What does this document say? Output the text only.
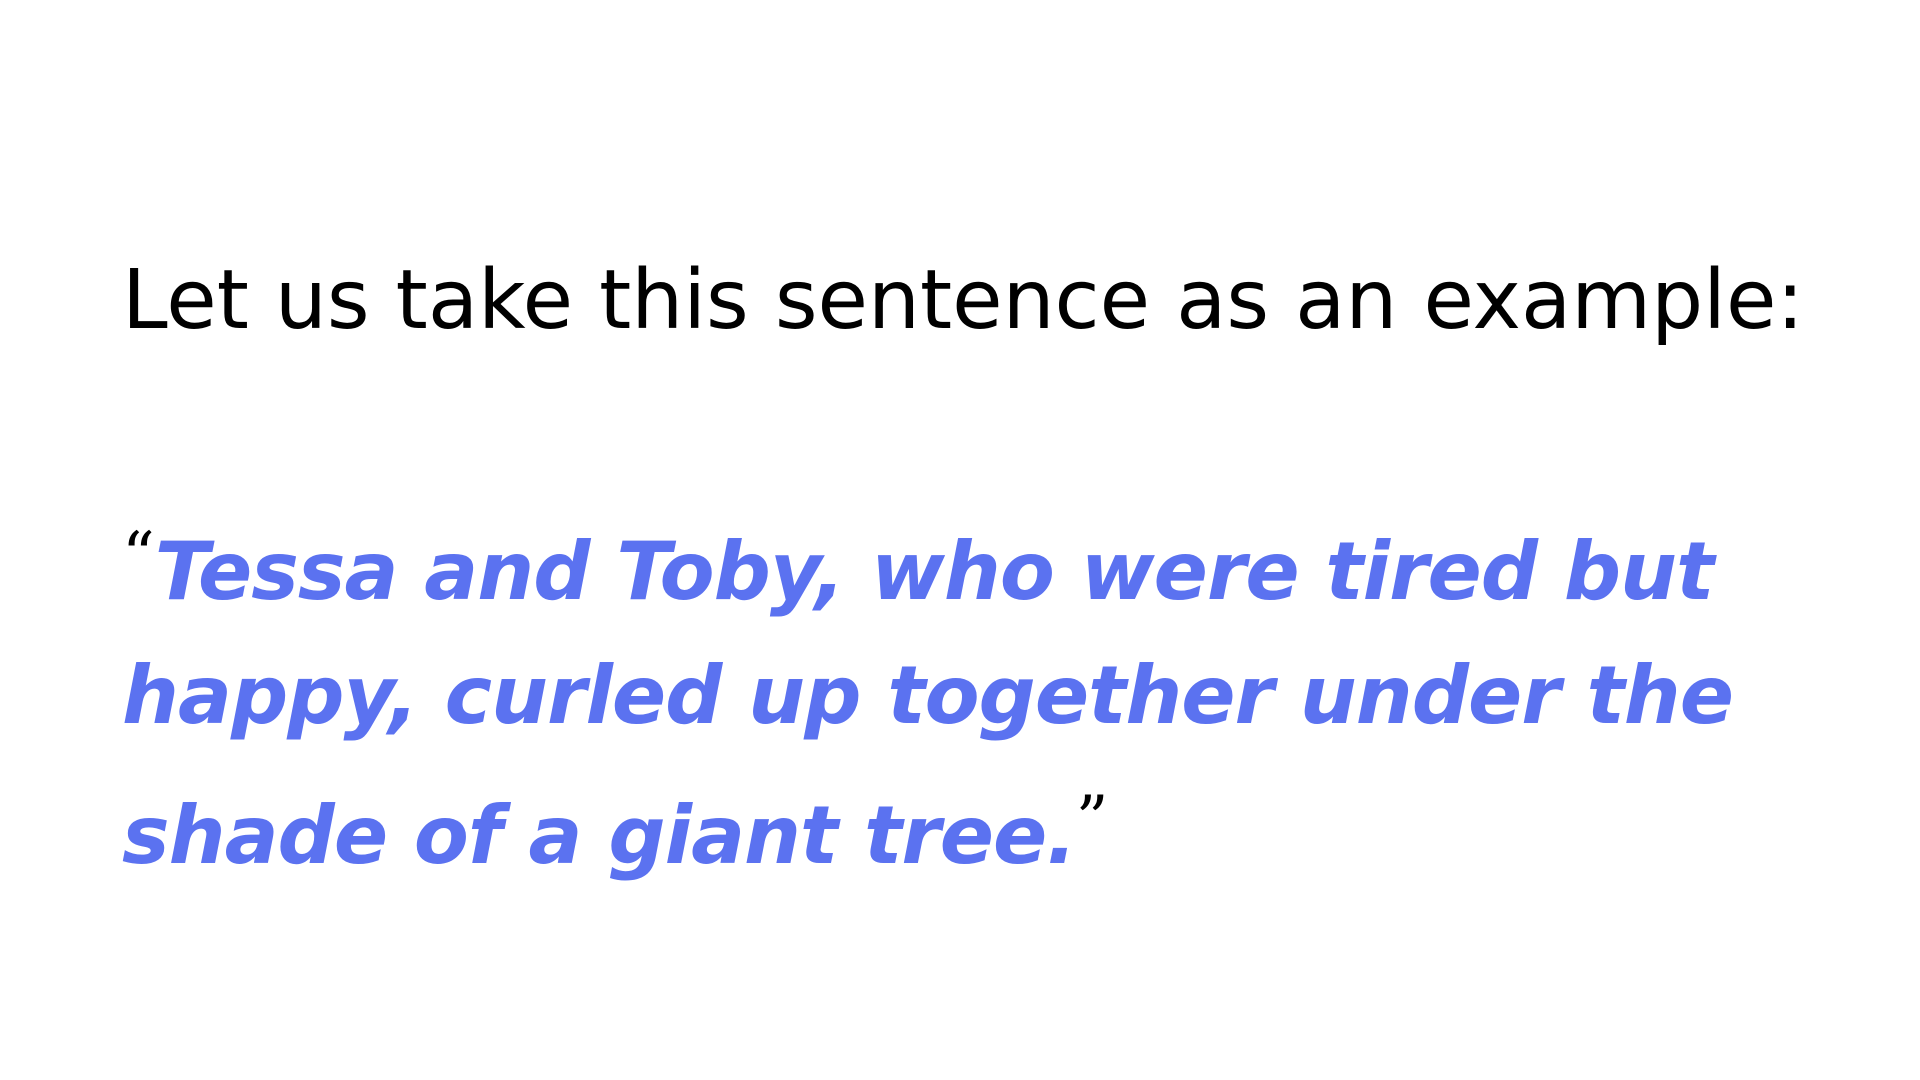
Let us take this sentence as an example:

“Tessa and Toby, who were tired but
happy, curled up together under the
shade of a giant tree.”
